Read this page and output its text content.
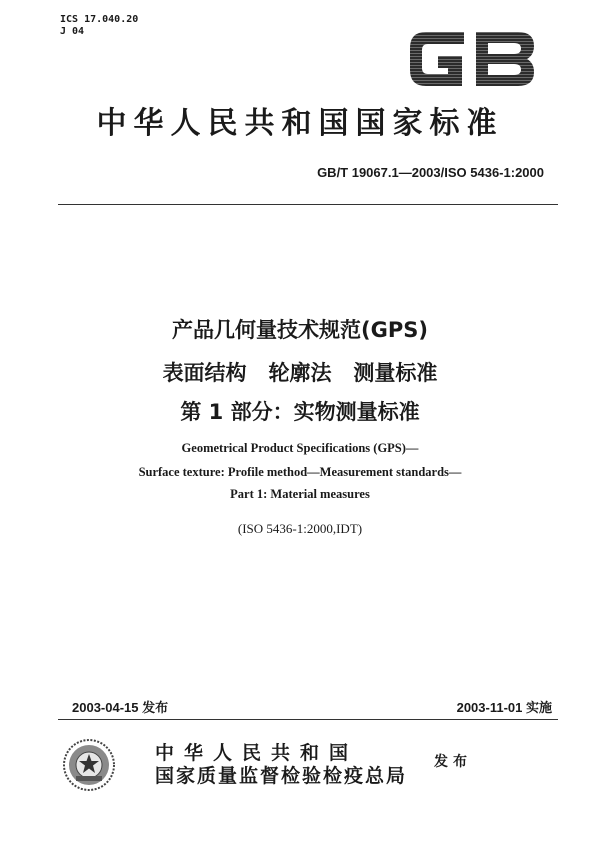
ICS 17.040.20
J 04
中华人民共和国国家标准
GB/T 19067.1—2003/ISO 5436-1:2000
产品几何量技术规范(GPS)
表面结构   轮廓法   测量标准
第 1 部分：实物测量标准
Geometrical Product Specifications (GPS)—
Surface texture: Profile method—Measurement standards—
Part 1: Material measures
(ISO 5436-1:2000,IDT)
2003-04-15 发布	2003-11-01 实施
中华人民共和国
国家质量监督检验检疫总局
发布
